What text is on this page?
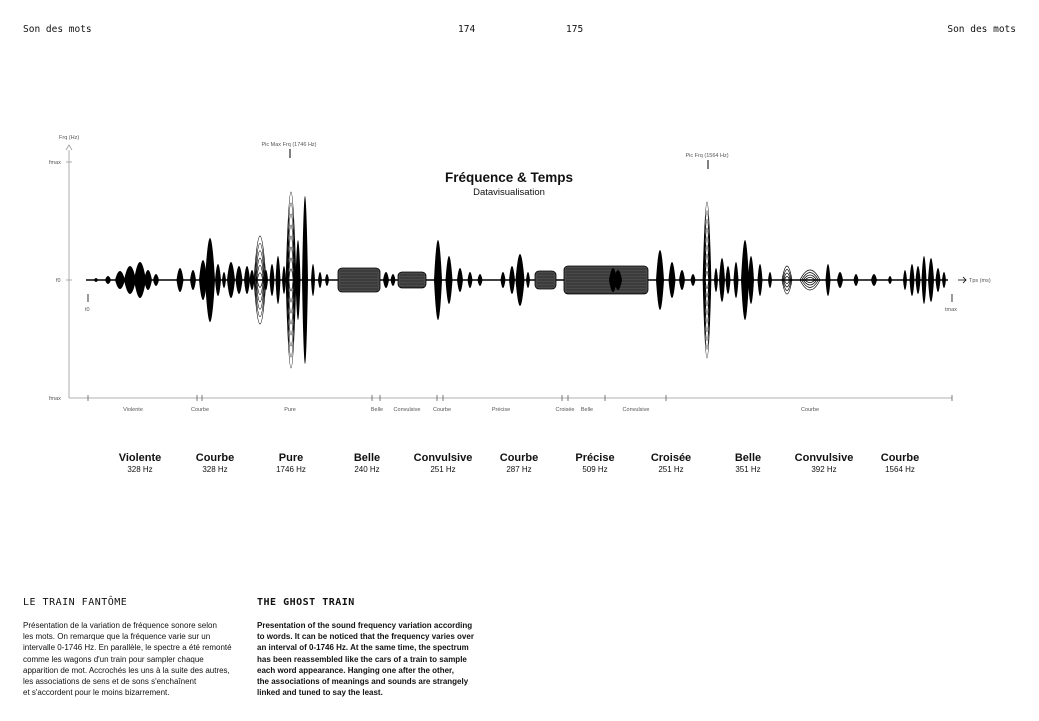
Son des mots	174	175	Son des mots
Frq (Hz)
fmax
f0
fmax
Tps (ms)
t0	tmax
Pic Max Frq (1746 Hz)
Pic Frq (1564 Hz)
Fréquence & Temps
Datavisualisation
Violente	Courbe	Pure	Belle Convulsive Courbe	Précise	Croisée Belle	Convulsive	Courbe
Violente
328 Hz
Courbe
328 Hz
Pure
1746 Hz
Belle
240 Hz
Convulsive
251 Hz
Courbe
287 Hz
Précise
509 Hz
Croisée
251 Hz
Belle
351 Hz
Convulsive
392 Hz
Courbe
1564 Hz
LE TRAIN FANTÔME

Présentation de la variation de fréquence sonore selon
les mots. On remarque que la fréquence varie sur un
intervalle 0-1746 Hz. En parallèle, le spectre a été remonté
comme les wagons d'un train pour sampler chaque
apparition de mot. Accrochés les uns à la suite des autres,
les associations de sens et de sons s'enchaînent
et s'accordent pour le moins bizarrement.

THE GHOST TRAIN

Presentation of the sound frequency variation according
to words. It can be noticed that the frequency varies over
an interval of 0-1746 Hz. At the same time, the spectrum
has been reassembled like the cars of a train to sample
each word appearance. Hanging one after the other,
the associations of meanings and sounds are strangely
linked and tuned to say the least.
